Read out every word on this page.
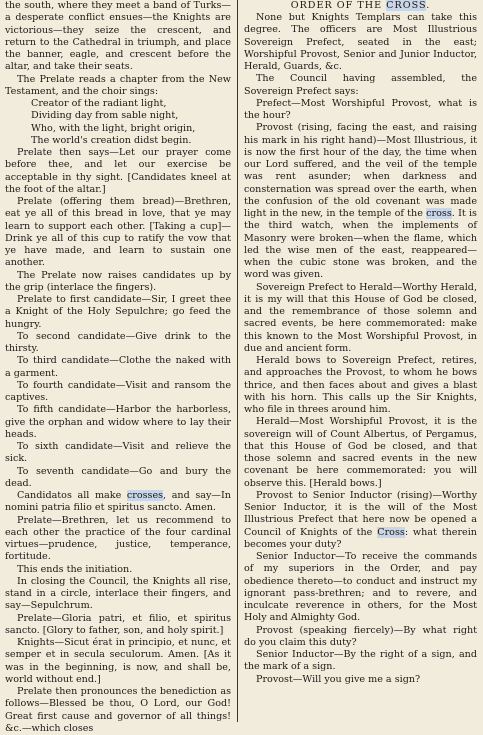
the south, where they meet a band of Turks—a desperate conflict ensues—the Knights are victorious—they seize the crescent, and return to the Cathedral in triumph, and place the banner, eagle, and crescent before the altar, and take their seats.

The Prelate reads a chapter from the New Testament, and the choir sings:

Creator of the radiant light,

Dividing day from sable night,

Who, with the light, bright origin,

The world's creation didst begin.

Prelate then says—Let our prayer come before thee, and let our exercise be acceptable in thy sight. [Candidates kneel at the foot of the altar.]

Prelate (offering them bread)—Brethren, eat ye all of this bread in love, that ye may learn to support each other. [Taking a cup]—Drink ye all of this cup to ratify the vow that ye have made, and learn to sustain one another.

The Prelate now raises candidates up by the grip (interlace the fingers).

Prelate to first candidate—Sir, I greet thee a Knight of the Holy Sepulchre; go feed the hungry.

To second candidate—Give drink to the thirsty.

To third candidate—Clothe the naked with a garment.

To fourth candidate—Visit and ransom the captives.

To fifth candidate—Harbor the harborless, give the orphan and widow where to lay their heads.

To sixth candidate—Visit and relieve the sick.

To seventh candidate—Go and bury the dead.

Candidatos all make crosses, and say—In nomini patria filio et spiritus sancto. Amen.

Prelate—Brethren, let us recommend to each other the practice of the four cardinal virtues—prudence, justice, temperance, fortitude.

This ends the initiation.

In closing the Council, the Knights all rise, stand in a circle, interlace their fingers, and say—Sepulchrum.

Prelate—Gloria patri, et filio, et spiritus sancto. [Glory to father, son, and holy spirit.]

Knights—Sicut érat in principio, et nunc, et semper et in secula seculorum. Amen. [As it was in the beginning, is now, and shall be, world without end.]

Prelate then pronounces the benediction as follows—Blessed be thou, O Lord, our God! Great first cause and governor of all things! &c.—which closes

ORDER OF THE CROSS.

None but Knights Templars can take this degree. The officers are Most Illustrious Sovereign Prefect, seated in the east; Worshipful Provost, Senior and Junior Inductor, Herald, Guards, &c.

The Council having assembled, the Sovereign Prefect says:

Prefect—Most Worshipful Provost, what is the hour?

Provost (rising, facing the east, and raising his mark in his right hand)—Most Illustrious, it is now the first hour of the day, the time when our Lord suffered, and the veil of the temple was rent asunder; when darkness and consternation was spread over the earth, when the confusion of the old covenant was made light in the new, in the temple of the cross. It is the third watch, when the implements of Masonry were broken—when the flame, which led the wise men of the east, reappeared—when the cubic stone was broken, and the word was given.

Sovereign Prefect to Herald—Worthy Herald, it is my will that this House of God be closed, and the remembrance of those solemn and sacred events, be here commemorated: make this known to the Most Worshipful Provost, in due and ancient form.

Herald bows to Sovereign Prefect, retires, and approaches the Provost, to whom he bows thrice, and then faces about and gives a blast with his horn. This calls up the Sir Knights, who file in threes around him.

Herald—Most Worshipful Provost, it is the sovereign will of Count Albertus, of Pergamus, that this House of God be closed, and that those solemn and sacred events in the new covenant be here commemorated: you will observe this. [Herald bows.]

Provost to Senior Inductor (rising)—Worthy Senior Inductor, it is the will of the Most Illustrious Prefect that here now be opened a Council of Knights of the Cross: what therein becomes your duty?

Senior Inductor—To receive the commands of my superiors in the Order, and pay obedience thereto—to conduct and instruct my ignorant pass-brethren; and to revere, and inculcate reverence in others, for the Most Holy and Almighty God.

Provost (speaking fiercely)—By what right do you claim this duty?

Senior Inductor—By the right of a sign, and the mark of a sign.

Provost—Will you give me a sign?
